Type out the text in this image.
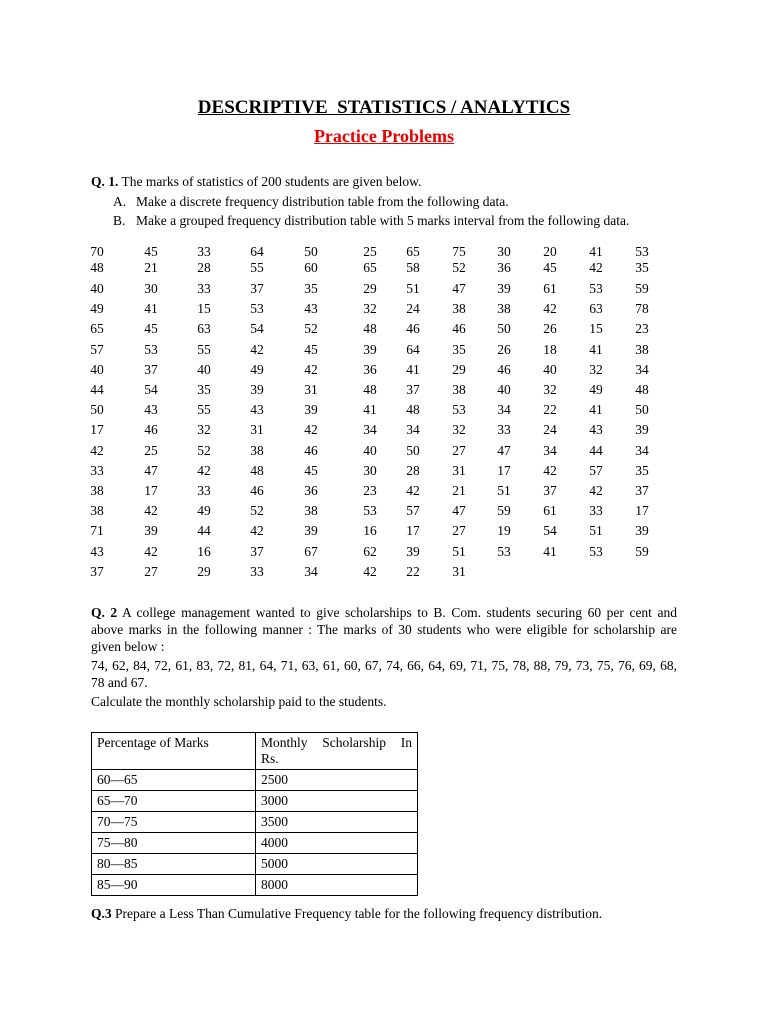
DESCRIPTIVE  STATISTICS / ANALYTICS
Practice Problems
Q. 1. The marks of statistics of 200 students are given below.
A. Make a discrete frequency distribution table from the following data.
B. Make a grouped frequency distribution table with 5 marks interval from the following data.
70	45	33	64	50	25 65 75 30 20 41 53
48	21	28	55	60	65 58 52 36 45 42 35
40	30	33	37	35	29 51 47 39 61 53 59
49	41	15	53	43	32 24 38 38 42 63 78
65	45	63	54	52	48 46 46 50 26 15 23
57	53	55	42	45	39 64 35 26 18 41 38
40	37	40	49	42	36 41 29 46 40 32 34
44	54	35	39	31	48 37 38 40 32 49 48
50	43	55	43	39	41 48 53 34 22 41 50
17	46	32	31	42	34 34 32 33 24 43 39
42	25	52	38	46	40 50 27 47 34 44 34
33	47	42	48	45	30 28 31 17 42 57 35
38	17	33	46	36	23 42 21 51 37 42 37
38	42	49	52	38	53 57 47 59 61 33 17
71	39	44	42	39	16 17 27 19 54 51 39
43	42	16	37	67	62 39 51 53 41 53 59
37	27	29	33	34	42 22 31
Q. 2 A college management wanted to give scholarships to B. Com. students securing 60 per cent and
above marks in the following manner : The marks of 30 students who were eligible for scholarship are
given below :
74, 62, 84, 72, 61, 83, 72, 81, 64, 71, 63, 61, 60, 67, 74, 66, 64, 69, 71, 75, 78, 88, 79, 73, 75, 76, 69, 68,
78 and 67.
Calculate the monthly scholarship paid to the students.
Percentage of Marks	Monthly Scholarship In
Rs.
60—65	2500
65—70	3000
70—75	3500
75—80	4000
80—85	5000
85—90	8000
Q.3 Prepare a Less Than Cumulative Frequency table for the following frequency distribution.
